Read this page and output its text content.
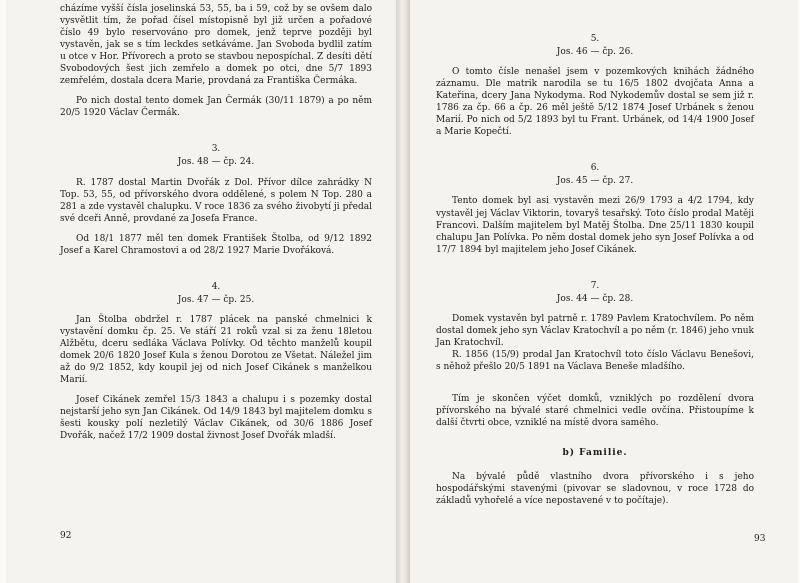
cházíme vyšší čísla joselinská 53, 55, ba i 59, což by se ovšem dalo vysvětlit tím, že pořad čísel místopisně byl již určen a pořadové číslo 49 bylo reservováno pro domek, jenž teprve později byl vystavěn, jak se s tím leckdes setkáváme. Jan Svoboda bydlil zatím u otce v Hor. Přívorech a proto se stavbou nepospíchal. Z desíti dětí Svobodových šest jich zemřelo a domek po otci, dne 5/7 1893 zemřelém, dostala dcera Marie, provdaná za Františka Čermáka.

Po nich dostal tento domek Jan Čermák (30/11 1879) a po něm 20/5 1920 Václav Čermák.

3.
Jos. 48 — čp. 24.

R. 1787 dostal Martin Dvořák z Dol. Přívor dílce zahrádky N Top. 53, 55, od přívorského dvora oddělené, s polem N Top. 280 a 281 a zde vystavěl chalupku. V roce 1836 za svého živobytí ji předal své dceři Anně, provdané za Josefa France.

Od 18/1 1877 měl ten domek František Štolba, od 9/12 1892 Josef a Karel Chramostovi a od 28/2 1927 Marie Dvořáková.

4.
Jos. 47 — čp. 25.

Jan Štolba obdržel r. 1787 plácek na panské chmelnici k vystavění domku čp. 25. Ve stáří 21 roků vzal si za ženu 18letou Alžbětu, dceru sedláka Václava Polívky. Od těchto manželů koupil domek 20/6 1820 Josef Kula s ženou Dorotou ze Všetat. Náležel jim až do 9/2 1852, kdy koupil jej od nich Josef Cikánek s manželkou Marií.

Josef Cikánek zemřel 15/3 1843 a chalupu i s pozemky dostal nejstarší jeho syn Jan Cikánek. Od 14/9 1843 byl majitelem domku s šesti kousky polí nezletilý Václav Cikánek, od 30/6 1886 Josef Dvořák, načež 17/2 1909 dostal živnost Josef Dvořák mladší.

92
5.
Jos. 46 — čp. 26.

O tomto čísle nenašel jsem v pozemkových knihách žádného záznamu. Dle matrik narodila se tu 16/5 1802 dvojčata Anna a Kateřina, dcery Jana Nykodyma. Rod Nykodemův dostal se sem již r. 1786 za čp. 66 a čp. 26 měl ještě 5/12 1874 Josef Urbánek s ženou Marií. Po nich od 5/2 1893 byl tu Frant. Urbánek, od 14/4 1900 Josef a Marie Kopečtí.

6.
Jos. 45 — čp. 27.

Tento domek byl asi vystavěn mezi 26/9 1793 a 4/2 1794, kdy vystavěl jej Václav Viktorin, tovaryš tesařský. Toto číslo prodal Matěji Francovi. Dalším majitelem byl Matěj Štolba. Dne 25/11 1830 koupil chalupu Jan Polívka. Po něm dostal domek jeho syn Josef Polívka a od 17/7 1894 byl majitelem jeho Josef Cikánek.

7.
Jos. 44 — čp. 28.

Domek vystavěn byl patrně r. 1789 Pavlem Kratochvílem. Po něm dostal domek jeho syn Václav Kratochvíl a po něm (r. 1846) jeho vnuk Jan Kratochvíl.

R. 1856 (15/9) prodal Jan Kratochvíl toto číslo Václavu Benešovi, s něhož přešlo 20/5 1891 na Václava Beneše mladšího.

Tím je skončen výčet domků, vzniklých po rozdělení dvora přívorského na bývalé staré chmelnici vedle ovčína. Přistoupíme k další čtvrti obce, vzniklé na místě dvora samého.

b) Familie.

Na bývalé půdě vlastního dvora přívorského i s jeho hospodářskými stavenými (pivovar se sladovnou, v roce 1728 do základů vyhořelé a více nepostavené v to počítaje).

93
